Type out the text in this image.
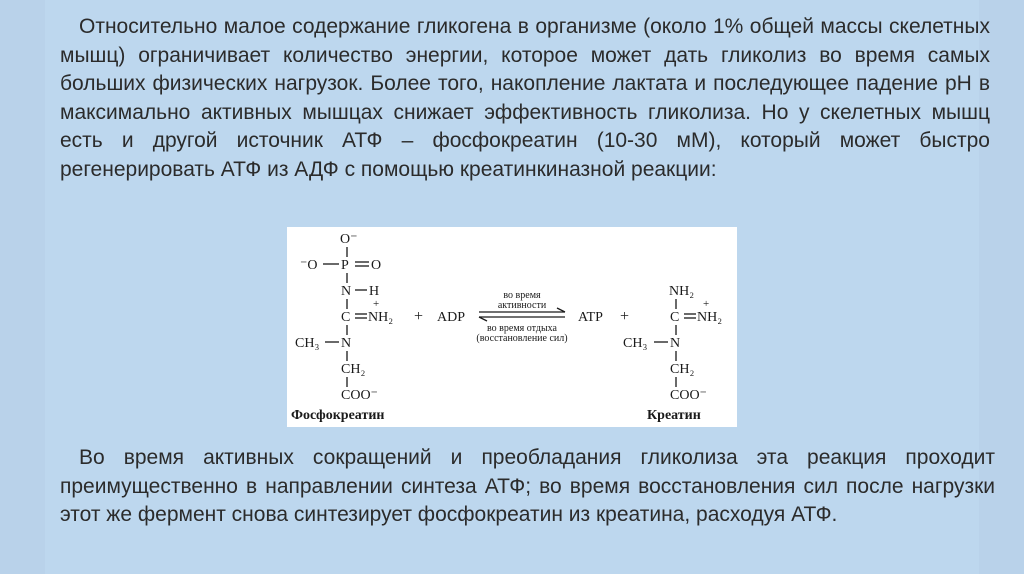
Относительно малое содержание гликогена в организме (около 1% общей массы скелетных мышц) ограничивает количество энергии, которое может дать гликолиз во время самых больших физических нагрузок. Более того, накопление лактата и последующее падение pH в максимально активных мышцах снижает эффективность гликолиза. Но у скелетных мышц есть и другой источник АТФ – фосфокреатин (10-30 мМ), который может быстро регенерировать АТФ из АДФ с помощью креатинкиназной реакции:

O⁻
⁻O P O
N H
+
C NH₂
CH₃ N
CH₂
COO⁻
Фосфокреатин
+ ADP
во время
активности
во время отдыха
(восстановление сил)
ATP +
NH₂
+
C NH₂
CH₃ N
CH₂
COO⁻
Креатин

Во время активных сокращений и преобладания гликолиза эта реакция проходит преимущественно в направлении синтеза АТФ; во время восстановления сил после нагрузки этот же фермент снова синтезирует фосфокреатин из креатина, расходуя АТФ.
